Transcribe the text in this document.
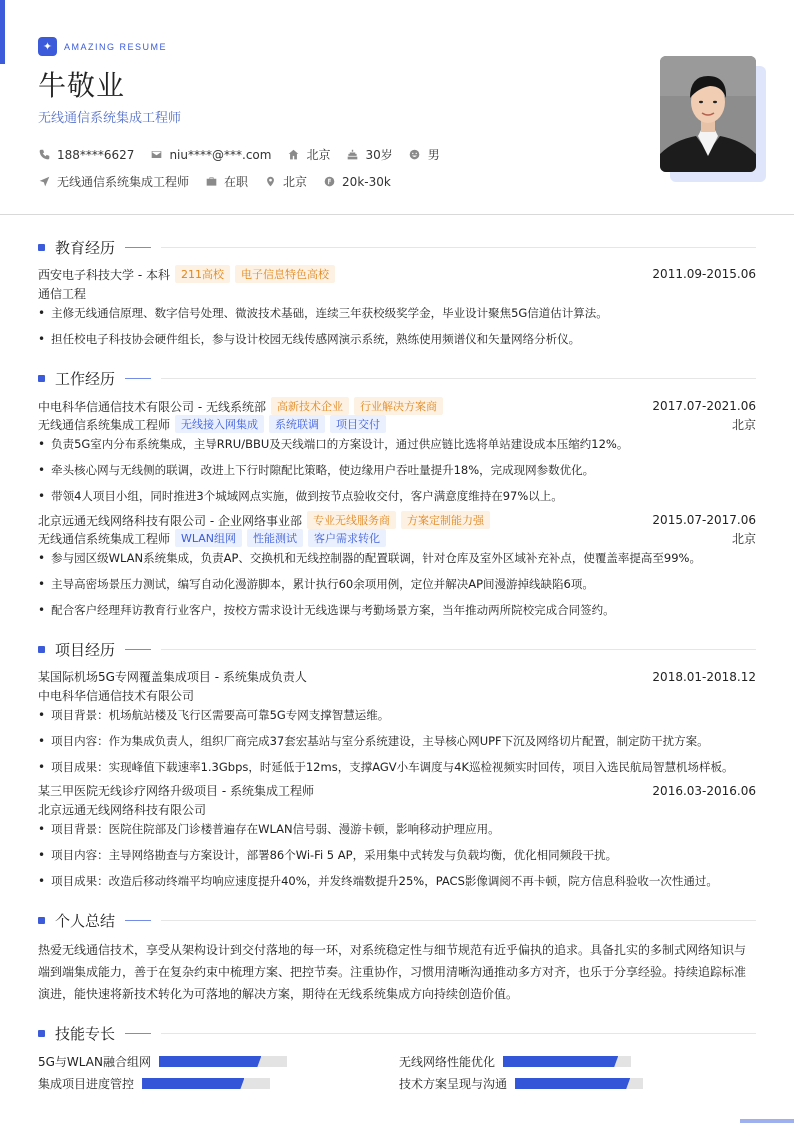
✦	AMAZING RESUME
牛敬业
无线通信系统集成工程师
188****6627	niu****@***.com	北京	30岁	男
无线通信系统集成工程师	在职	北京	20k-30k
教育经历
西安电子科技大学 - 本科	211高校	电子信息特色高校	2011.09-2015.06
通信工程
• 主修无线通信原理、数字信号处理、微波技术基础，连续三年获校级奖学金，毕业设计聚焦5G信道估计算法。
• 担任校电子科技协会硬件组长，参与设计校园无线传感网演示系统，熟练使用频谱仪和矢量网络分析仪。
工作经历
中电科华信通信技术有限公司 - 无线系统部	高新技术企业	行业解决方案商	2017.07-2021.06
无线通信系统集成工程师	无线接入网集成	系统联调	项目交付	北京
• 负责5G室内分布系统集成，主导RRU/BBU及天线端口的方案设计，通过供应链比选将单站建设成本压缩约12%。
• 牵头核心网与无线侧的联调，改进上下行时隙配比策略，使边缘用户吞吐量提升18%，完成现网参数优化。
• 带领4人项目小组，同时推进3个城域网点实施，做到按节点验收交付，客户满意度维持在97%以上。
北京远通无线网络科技有限公司 - 企业网络事业部	专业无线服务商	方案定制能力强	2015.07-2017.06
无线通信系统集成工程师	WLAN组网	性能测试	客户需求转化	北京
• 参与园区级WLAN系统集成，负责AP、交换机和无线控制器的配置联调，针对仓库及室外区域补充补点，使覆盖率提高至99%。
• 主导高密场景压力测试，编写自动化漫游脚本，累计执行60余项用例，定位并解决AP间漫游掉线缺陷6项。
• 配合客户经理拜访教育行业客户，按校方需求设计无线选课与考勤场景方案，当年推动两所院校完成合同签约。
项目经历
某国际机场5G专网覆盖集成项目 - 系统集成负责人	2018.01-2018.12
中电科华信通信技术有限公司
• 项目背景：机场航站楼及飞行区需要高可靠5G专网支撑智慧运维。
• 项目内容：作为集成负责人，组织厂商完成37套宏基站与室分系统建设，主导核心网UPF下沉及网络切片配置，制定防干扰方案。
• 项目成果：实现峰值下载速率1.3Gbps，时延低于12ms，支撑AGV小车调度与4K巡检视频实时回传，项目入选民航局智慧机场样板。
某三甲医院无线诊疗网络升级项目 - 系统集成工程师	2016.03-2016.06
北京远通无线网络科技有限公司
• 项目背景：医院住院部及门诊楼普遍存在WLAN信号弱、漫游卡顿，影响移动护理应用。
• 项目内容：主导网络勘查与方案设计，部署86个Wi-Fi 5 AP，采用集中式转发与负载均衡，优化相同频段干扰。
• 项目成果：改造后移动终端平均响应速度提升40%，并发终端数提升25%，PACS影像调阅不再卡顿，院方信息科验收一次性通过。
个人总结
热爱无线通信技术，享受从架构设计到交付落地的每一环，对系统稳定性与细节规范有近乎偏执的追求。具备扎实的多制式网络知识与端到端集成能力，善于在复杂约束中梳理方案、把控节奏。注重协作，习惯用清晰沟通推动多方对齐，也乐于分享经验。持续追踪标准演进，能快速将新技术转化为可落地的解决方案，期待在无线系统集成方向持续创造价值。
技能专长
5G与WLAN融合组网	无线网络性能优化
集成项目进度管控	技术方案呈现与沟通
